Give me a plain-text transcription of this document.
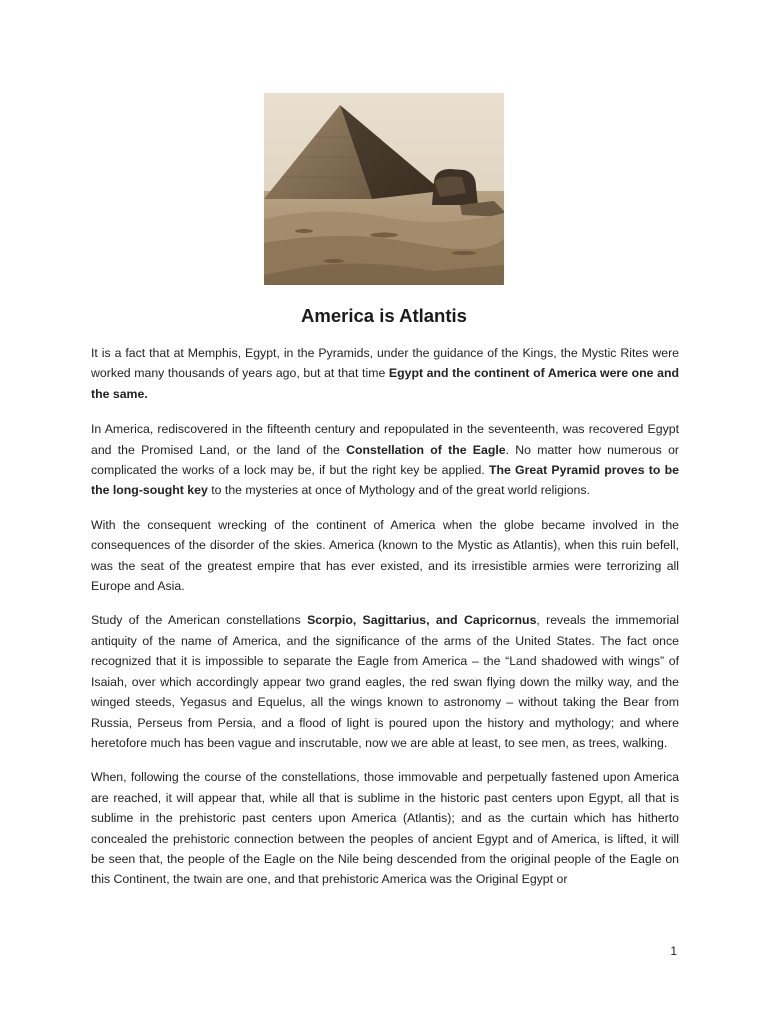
America is Atlantis

It is a fact that at Memphis, Egypt, in the Pyramids, under the guidance of the Kings, the Mystic Rites were worked many thousands of years ago, but at that time Egypt and the continent of America were one and the same.

In America, rediscovered in the fifteenth century and repopulated in the seventeenth, was recovered Egypt and the Promised Land, or the land of the Constellation of the Eagle. No matter how numerous or complicated the works of a lock may be, if but the right key be applied. The Great Pyramid proves to be the long-sought key to the mysteries at once of Mythology and of the great world religions.

With the consequent wrecking of the continent of America when the globe became involved in the consequences of the disorder of the skies. America (known to the Mystic as Atlantis), when this ruin befell, was the seat of the greatest empire that has ever existed, and its irresistible armies were terrorizing all Europe and Asia.

Study of the American constellations Scorpio, Sagittarius, and Capricornus, reveals the immemorial antiquity of the name of America, and the significance of the arms of the United States. The fact once recognized that it is impossible to separate the Eagle from America – the “Land shadowed with wings” of Isaiah, over which accordingly appear two grand eagles, the red swan flying down the milky way, and the winged steeds, Yegasus and Equelus, all the wings known to astronomy – without taking the Bear from Russia, Perseus from Persia, and a flood of light is poured upon the history and mythology; and where heretofore much has been vague and inscrutable, now we are able at least, to see men, as trees, walking.

When, following the course of the constellations, those immovable and perpetually fastened upon America are reached, it will appear that, while all that is sublime in the historic past centers upon Egypt, all that is sublime in the prehistoric past centers upon America (Atlantis); and as the curtain which has hitherto concealed the prehistoric connection between the peoples of ancient Egypt and of America, is lifted, it will be seen that, the people of the Eagle on the Nile being descended from the original people of the Eagle on this Continent, the twain are one, and that prehistoric America was the Original Egypt or

1
